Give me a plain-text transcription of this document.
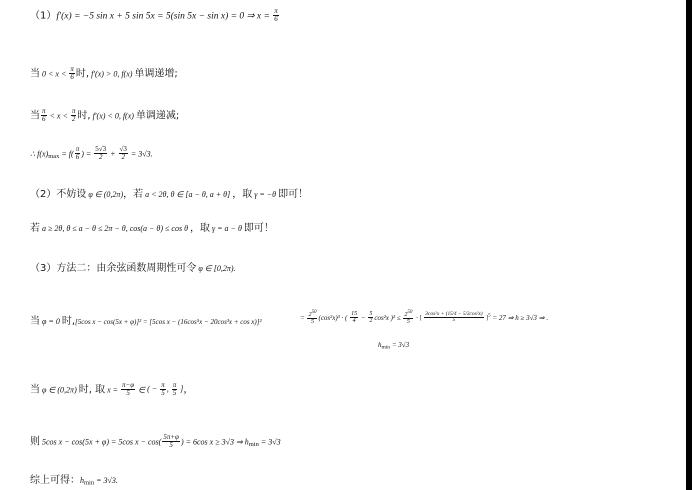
（1）f′(x) = −5 sin x + 5 sin 5x = 5(sin 5x − sin x) = 0 ⇒ $x = \frac{\pi}{6}$
当 $0 < x < \frac{\pi}{6}$ 时, f′(x) > 0, f(x) 单调递增;
当 $\frac{\pi}{6} < x < \frac{\pi}{2}$ 时, f′(x) < 0, f(x) 单调递减;
∴ $f(x)_{max} = f( \frac{\pi}{6}$ ) = $\frac{5√3}{2} + \frac{√3}{2} = 3√3$.
（2）不妨设 φ ∈ (0,2π)，若 a < 2θ, θ ∈ [a − θ, a + θ] ，取 γ = −θ 即可！
若 a ≥ 2θ, θ ≤ a − θ ≤ 2π − θ, cos(a − θ) ≤ cos θ ，取 γ = a − θ 即可！
（3）方法二：由余弦函数周期性可令 φ ∈ [0,2π).
当 φ = 0 时,[5cos x − cos(5x + φ)]² = [5cos x − (16cos⁵x − 20cos³x + cos x)]²	= $\frac{2^{50}}{5} (\cos^2x)^3$ · ( $\frac{15}{4} - \frac{5}{2} \cos^2x$ )$^2 \le \frac{2^{50}}{5}$ · [ $\frac{\text{3cos²x + (15/4 − 5/2cos²x)}}{5} ]^5 = 27$ ⇒ h ≥ 3√3 ⇒ .
$h_{min} = 3√3$
当 φ ∈ (0,2π) 时, 取 $x = \frac{\pi-\varphi}{5}$ ∈ ( − $\frac{\pi}{5}$ , $\frac{\pi}{5}$ ]，
则 5cos x − cos(5x + φ) = 5cos $x - \cos( \frac{5\pi+\varphi}{5}$ ) = 6cos x ≥ 3√3 ⇒ $h_{min} = 3√3$
综上可得：$h_{min} = 3√3$.
